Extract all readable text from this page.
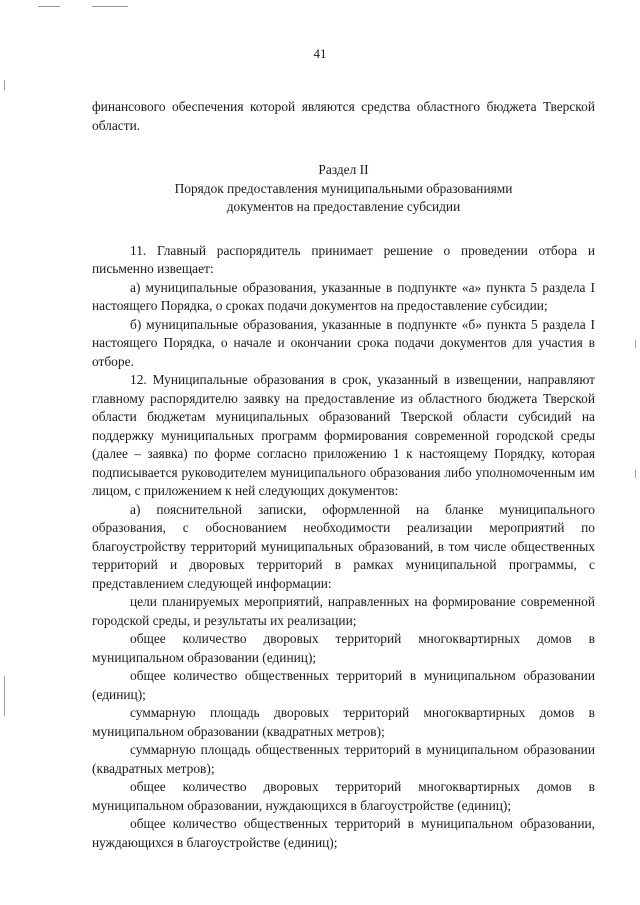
41

финансового обеспечения которой являются средства областного бюджета Тверской области.

Раздел II

Порядок предоставления муниципальными образованиями

документов на предоставление субсидии

11. Главный распорядитель принимает решение о проведении отбора и письменно извещает:

а) муниципальные образования, указанные в подпункте «а» пункта 5 раздела I настоящего Порядка, о сроках подачи документов на предоставление субсидии;

б) муниципальные образования, указанные в подпункте «б» пункта 5 раздела I настоящего Порядка, о начале и окончании срока подачи документов для участия в отборе.

12. Муниципальные образования в срок, указанный в извещении, направляют главному распорядителю заявку на предоставление из областного бюджета Тверской области бюджетам муниципальных образований Тверской области субсидий на поддержку муниципальных программ формирования современной городской среды (далее – заявка) по форме согласно приложению 1 к настоящему Порядку, которая подписывается руководителем муниципального образования либо уполномоченным им лицом, с приложением к ней следующих документов:

а) пояснительной записки, оформленной на бланке муниципального образования, с обоснованием необходимости реализации мероприятий по благоустройству территорий муниципальных образований, в том числе общественных территорий и дворовых территорий в рамках муниципальной программы, с представлением следующей информации:

цели планируемых мероприятий, направленных на формирование современной городской среды, и результаты их реализации;

общее количество дворовых территорий многоквартирных домов в муниципальном образовании (единиц);

общее количество общественных территорий в муниципальном образовании (единиц);

суммарную площадь дворовых территорий многоквартирных домов в муниципальном образовании (квадратных метров);

суммарную площадь общественных территорий в муниципальном образовании (квадратных метров);

общее количество дворовых территорий многоквартирных домов в муниципальном образовании, нуждающихся в благоустройстве (единиц);

общее количество общественных территорий в муниципальном образовании, нуждающихся в благоустройстве (единиц);
